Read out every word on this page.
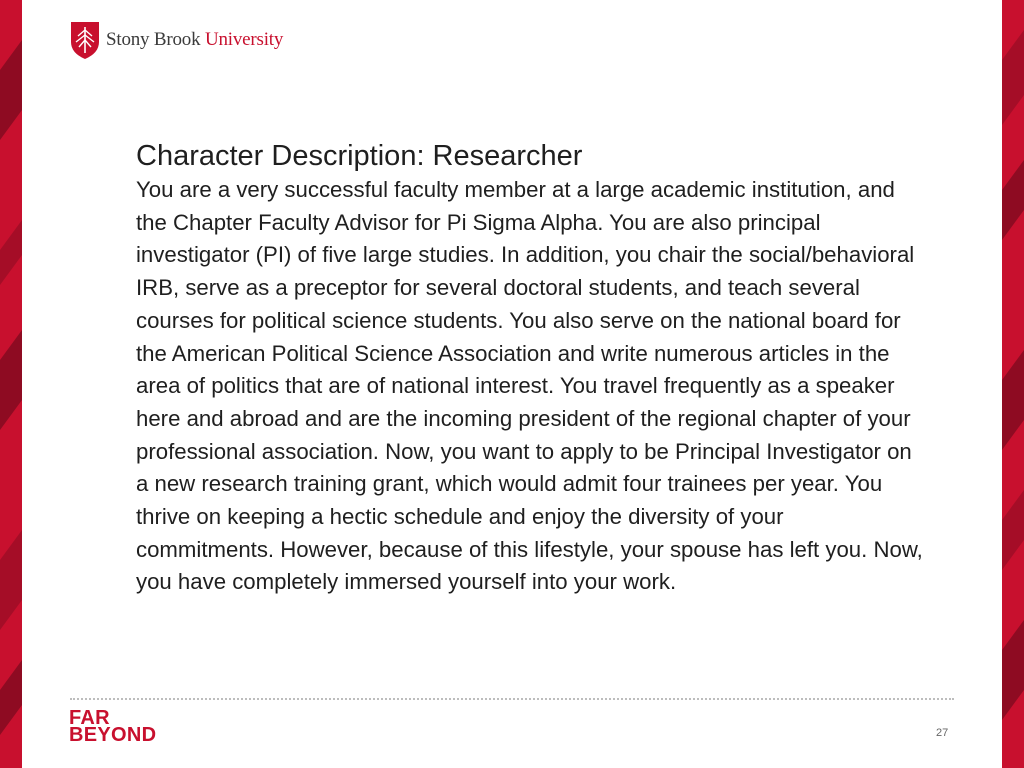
Stony Brook University
Character Description: Researcher

You are a very successful faculty member at a large academic institution, and the Chapter Faculty Advisor for Pi Sigma Alpha. You are also principal investigator (PI) of five large studies. In addition, you chair the social/behavioral IRB, serve as a preceptor for several doctoral students, and teach several courses for political science students. You also serve on the national board for the American Political Science Association and write numerous articles in the area of politics that are of national interest. You travel frequently as a speaker here and abroad and are the incoming president of the regional chapter of your professional association. Now, you want to apply to be Principal Investigator on a new research training grant, which would admit four trainees per year. You thrive on keeping a hectic schedule and enjoy the diversity of your commitments. However, because of this lifestyle, your spouse has left you. Now, you have completely immersed yourself into your work.

FAR
BEYOND	27
